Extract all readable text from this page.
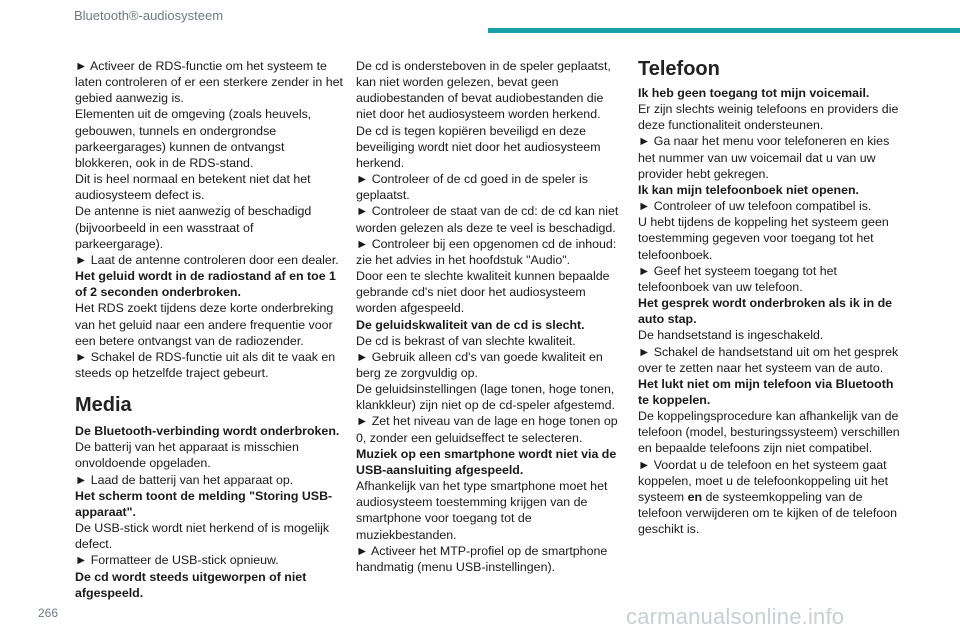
Bluetooth®-audiosysteem

► Activeer de RDS-functie om het systeem te laten controleren of er een sterkere zender in het gebied aanwezig is.

Elementen uit de omgeving (zoals heuvels, gebouwen, tunnels en ondergrondse parkeergarages) kunnen de ontvangst blokkeren, ook in de RDS-stand.

Dit is heel normaal en betekent niet dat het audiosysteem defect is.

De antenne is niet aanwezig of beschadigd (bijvoorbeeld in een wasstraat of parkeergarage).

► Laat de antenne controleren door een dealer.

Het geluid wordt in de radiostand af en toe 1 of 2 seconden onderbroken.

Het RDS zoekt tijdens deze korte onderbreking van het geluid naar een andere frequentie voor een betere ontvangst van de radiozender.

► Schakel de RDS-functie uit als dit te vaak en steeds op hetzelfde traject gebeurt.

Media

De Bluetooth-verbinding wordt onderbroken.

De batterij van het apparaat is misschien onvoldoende opgeladen.

► Laad de batterij van het apparaat op.

Het scherm toont de melding "Storing USB-apparaat".

De USB-stick wordt niet herkend of is mogelijk defect.

► Formatteer de USB-stick opnieuw.

De cd wordt steeds uitgeworpen of niet afgespeeld.

De cd is ondersteboven in de speler geplaatst, kan niet worden gelezen, bevat geen audiobestanden of bevat audiobestanden die niet door het audiosysteem worden herkend.

De cd is tegen kopiëren beveiligd en deze beveiliging wordt niet door het audiosysteem herkend.

► Controleer of de cd goed in de speler is geplaatst.

► Controleer de staat van de cd: de cd kan niet worden gelezen als deze te veel is beschadigd.

► Controleer bij een opgenomen cd de inhoud: zie het advies in het hoofdstuk "Audio".

Door een te slechte kwaliteit kunnen bepaalde gebrande cd's niet door het audiosysteem worden afgespeeld.

De geluidskwaliteit van de cd is slecht.

De cd is bekrast of van slechte kwaliteit.

► Gebruik alleen cd's van goede kwaliteit en berg ze zorgvuldig op.

De geluidsinstellingen (lage tonen, hoge tonen, klankkleur) zijn niet op de cd-speler afgestemd.

► Zet het niveau van de lage en hoge tonen op 0, zonder een geluidseffect te selecteren.

Muziek op een smartphone wordt niet via de USB-aansluiting afgespeeld.

Afhankelijk van het type smartphone moet het audiosysteem toestemming krijgen van de smartphone voor toegang tot de muziekbestanden.

► Activeer het MTP-profiel op de smartphone handmatig (menu USB-instellingen).

Telefoon

Ik heb geen toegang tot mijn voicemail.

Er zijn slechts weinig telefoons en providers die deze functionaliteit ondersteunen.

► Ga naar het menu voor telefoneren en kies het nummer van uw voicemail dat u van uw provider hebt gekregen.

Ik kan mijn telefoonboek niet openen.

► Controleer of uw telefoon compatibel is.

U hebt tijdens de koppeling het systeem geen toestemming gegeven voor toegang tot het telefoonboek.

► Geef het systeem toegang tot het telefoonboek van uw telefoon.

Het gesprek wordt onderbroken als ik in de auto stap.

De handsetstand is ingeschakeld.

► Schakel de handsetstand uit om het gesprek over te zetten naar het systeem van de auto.

Het lukt niet om mijn telefoon via Bluetooth te koppelen.

De koppelingsprocedure kan afhankelijk van de telefoon (model, besturingssysteem) verschillen en bepaalde telefoons zijn niet compatibel.

► Voordat u de telefoon en het systeem gaat koppelen, moet u de telefoonkoppeling uit het systeem en de systeemkoppeling van de telefoon verwijderen om te kijken of de telefoon geschikt is.

266	carmanualsonline.info
